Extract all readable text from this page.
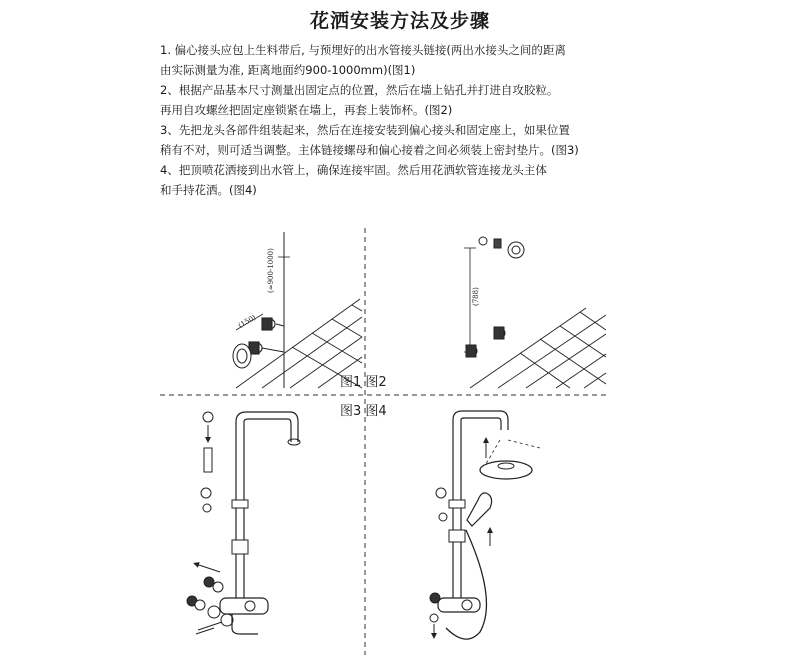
花洒安装方法及步骤
1. 偏心接头应包上生料带后, 与预埋好的出水管接头链接(两出水接头之间的距离
由实际测量为准, 距离地面约900-1000mm)(图1)
2、根据产品基本尺寸测量出固定点的位置，然后在墙上钻孔并打进自攻胶粒。
再用自攻螺丝把固定座锁紧在墙上，再套上装饰杯。(图2)
3、先把龙头各部件组装起来，然后在连接安装到偏心接头和固定座上，如果位置
稍有不对，则可适当调整。主体链接螺母和偏心接着之间必须装上密封垫片。(图3)
4、把顶喷花洒接到出水管上，确保连接牢固。然后用花洒软管连接龙头主体
和手持花洒。(图4)
(≈900-1000)
(150)
(788)
图1 图2
图3 图4
